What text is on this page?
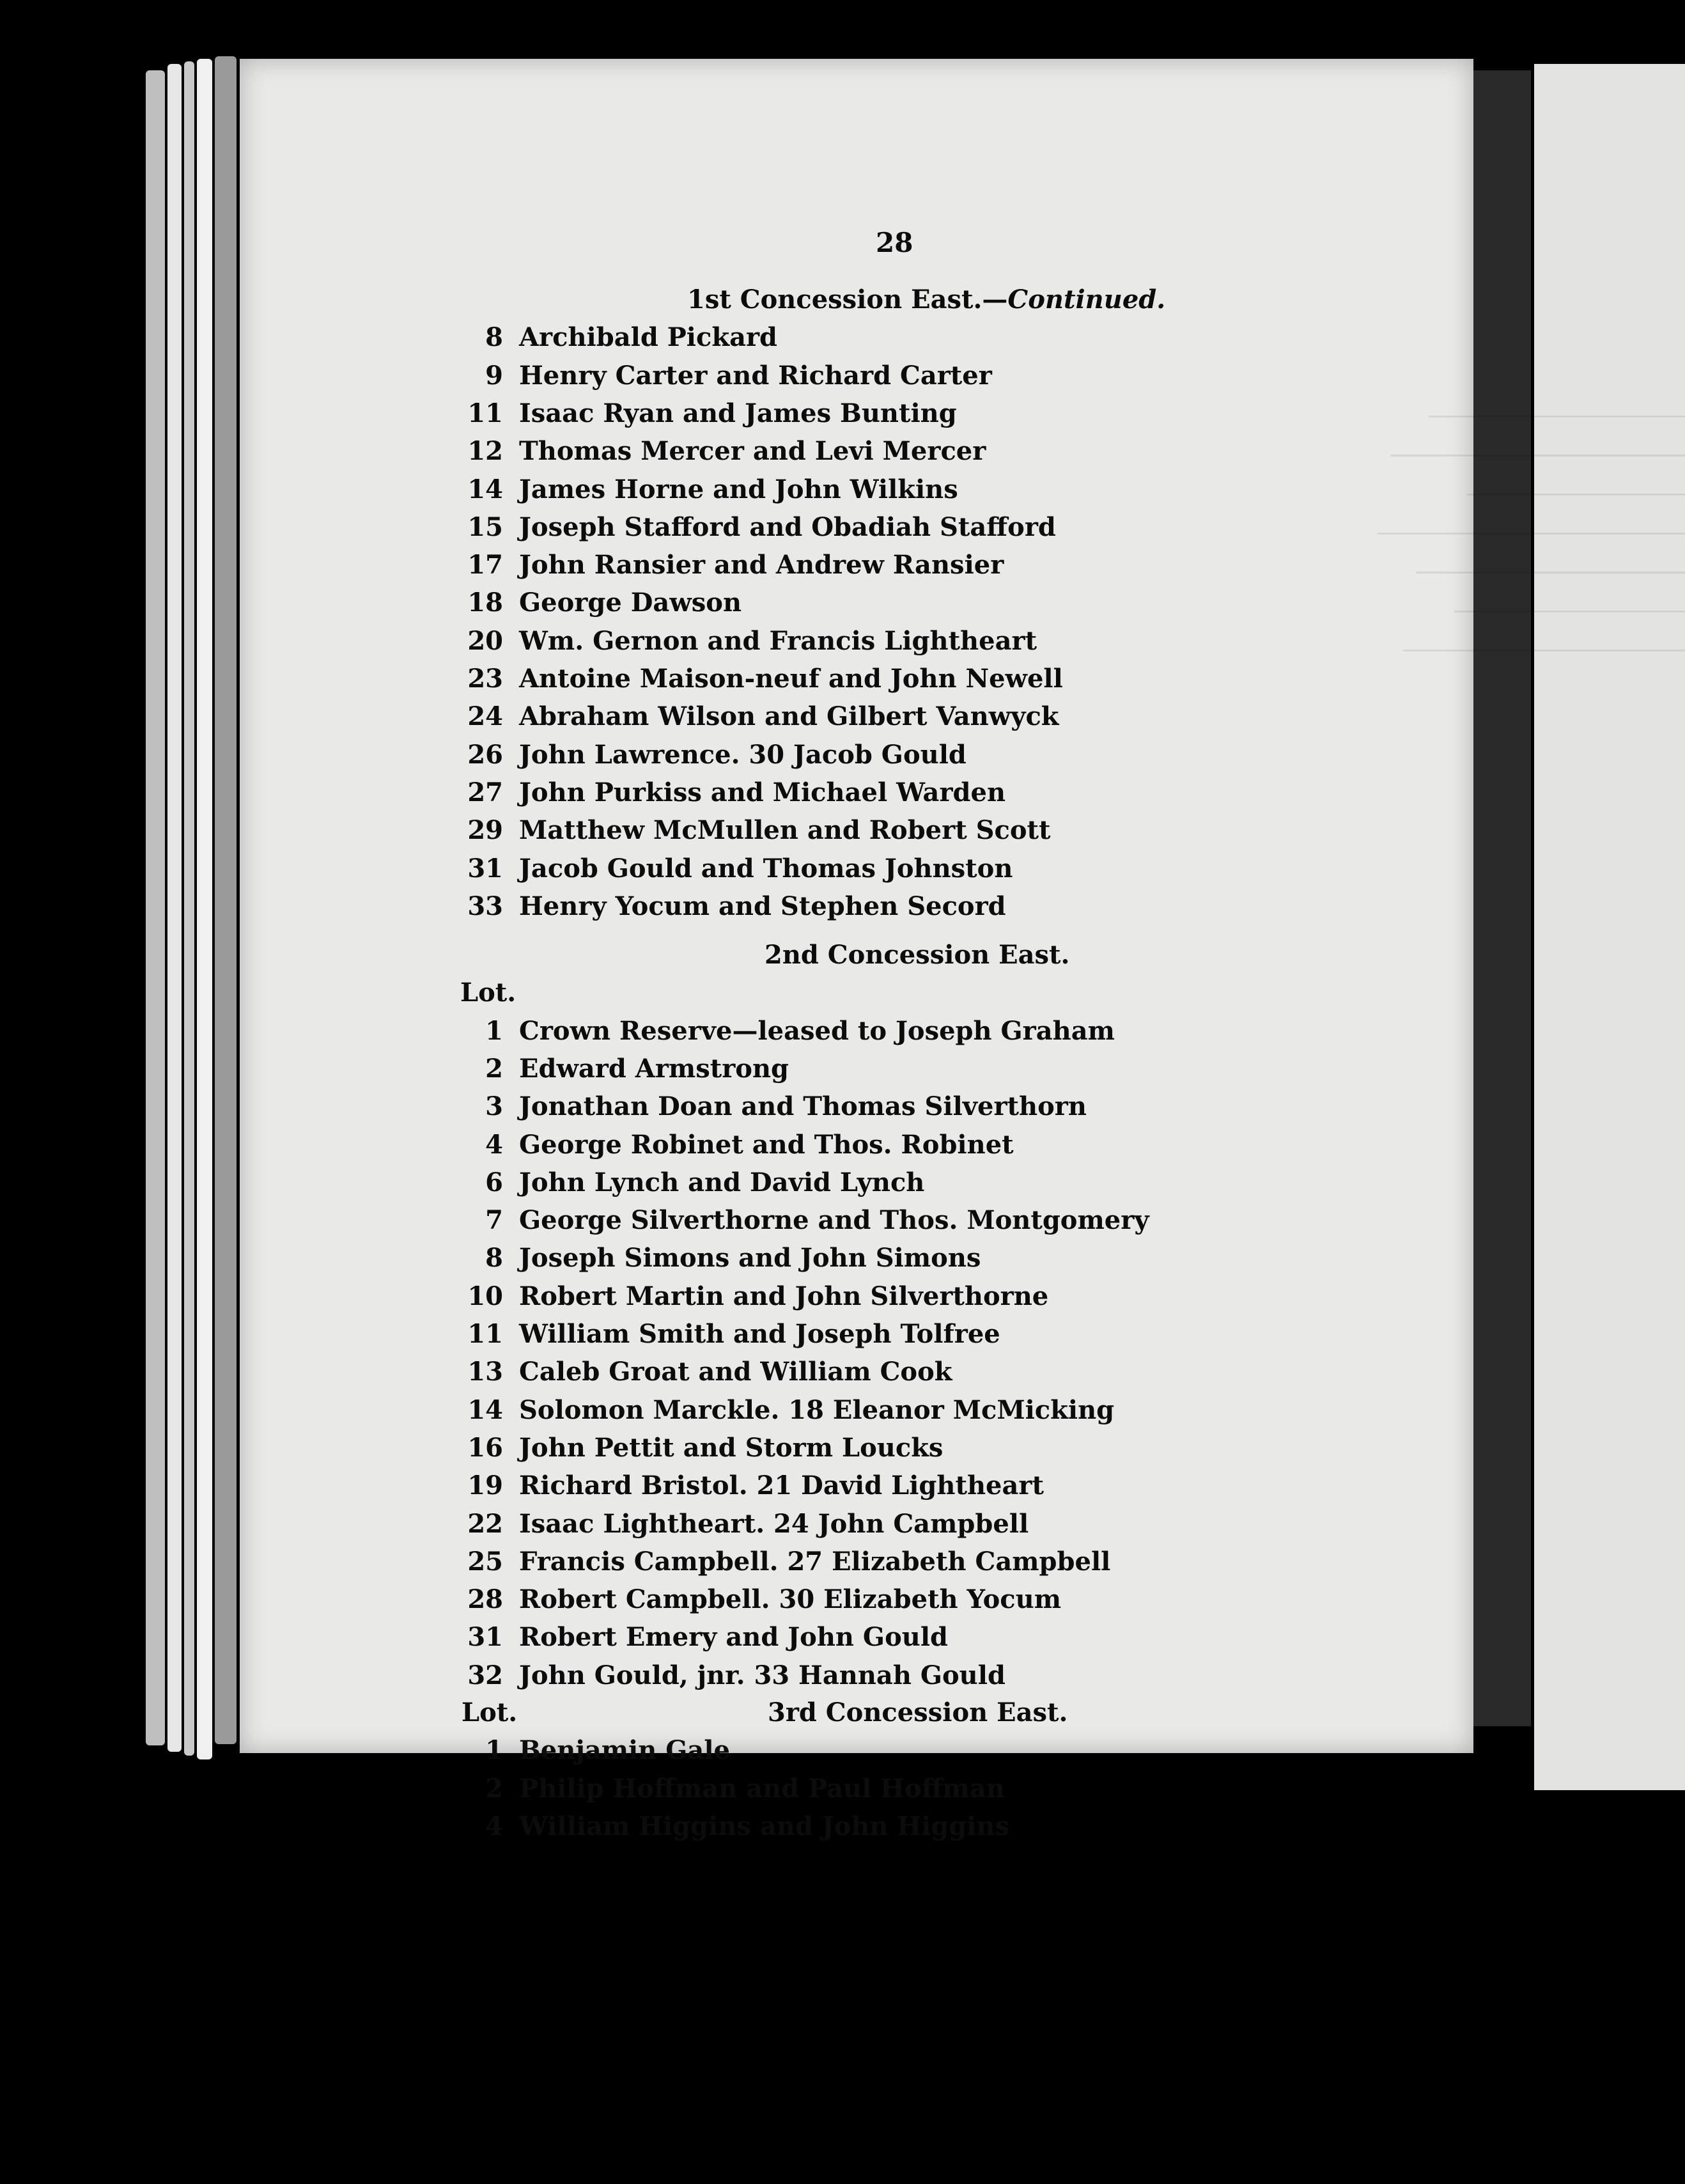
28
1st Concession East.—Continued.
8 Archibald Pickard
9 Henry Carter and Richard Carter
11 Isaac Ryan and James Bunting
12 Thomas Mercer and Levi Mercer
14 James Horne and John Wilkins
15 Joseph Stafford and Obadiah Stafford
17 John Ransier and Andrew Ransier
18 George Dawson
20 Wm. Gernon and Francis Lightheart
23 Antoine Maison-neuf and John Newell
24 Abraham Wilson and Gilbert Vanwyck
26 John Lawrence. 30 Jacob Gould
27 John Purkiss and Michael Warden
29 Matthew McMullen and Robert Scott
31 Jacob Gould and Thomas Johnston
33 Henry Yocum and Stephen Secord
2nd Concession East.
Lot.
1 Crown Reserve—leased to Joseph Graham
2 Edward Armstrong
3 Jonathan Doan and Thomas Silverthorn
4 George Robinet and Thos. Robinet
6 John Lynch and David Lynch
7 George Silverthorne and Thos. Montgomery
8 Joseph Simons and John Simons
10 Robert Martin and John Silverthorne
11 William Smith and Joseph Tolfree
13 Caleb Groat and William Cook
14 Solomon Marckle. 18 Eleanor McMicking
16 John Pettit and Storm Loucks
19 Richard Bristol. 21 David Lightheart
22 Isaac Lightheart. 24 John Campbell
25 Francis Campbell. 27 Elizabeth Campbell
28 Robert Campbell. 30 Elizabeth Yocum
31 Robert Emery and John Gould
32 John Gould, jnr. 33 Hannah Gould
3rd Concession East.
Lot.
1 Benjamin Gale
2 Philip Hoffman and Paul Hoffman
4 William Higgins and John Higgins
